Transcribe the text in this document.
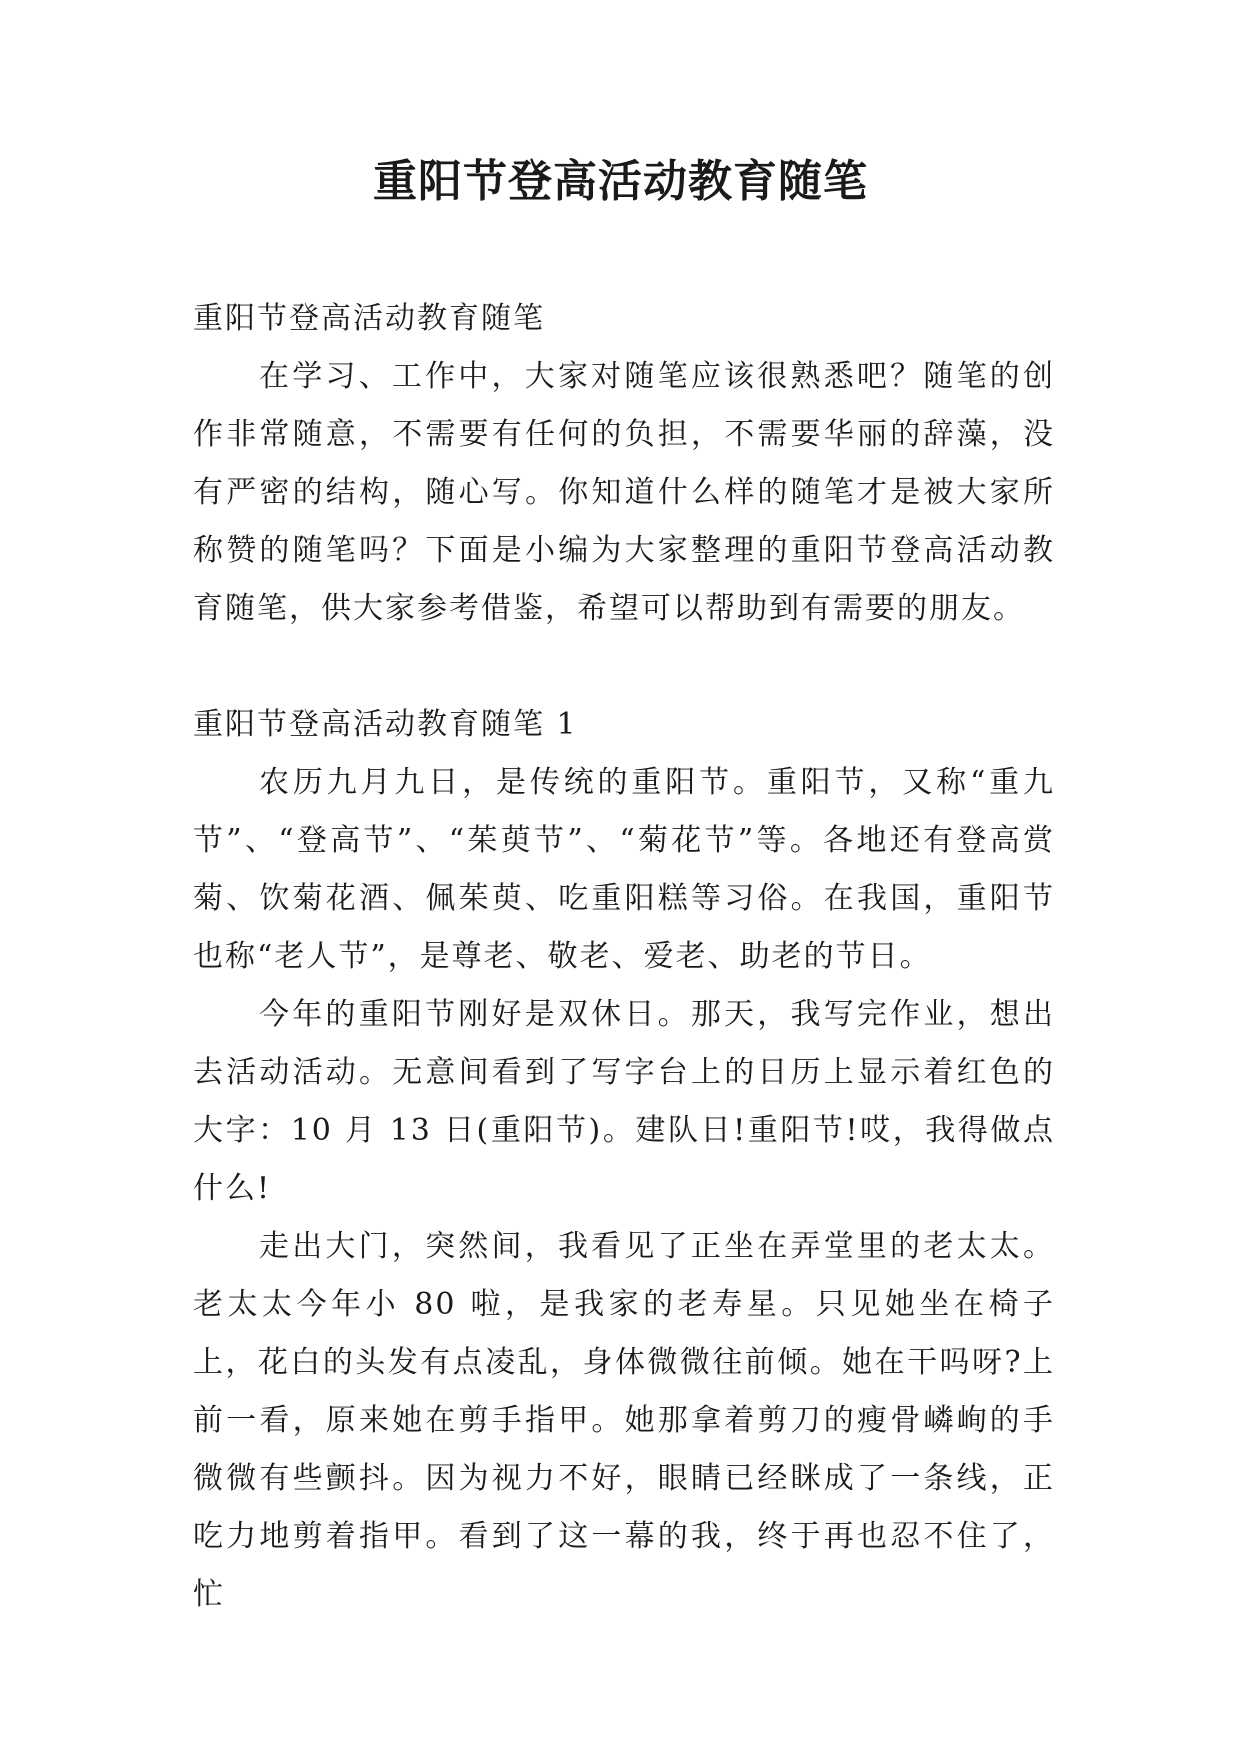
重阳节登高活动教育随笔

重阳节登高活动教育随笔

在学习、工作中，大家对随笔应该很熟悉吧？随笔的创作非常随意，不需要有任何的负担，不需要华丽的辞藻，没有严密的结构，随心写。你知道什么样的随笔才是被大家所称赞的随笔吗？下面是小编为大家整理的重阳节登高活动教育随笔，供大家参考借鉴，希望可以帮助到有需要的朋友。

重阳节登高活动教育随笔 1

农历九月九日，是传统的重阳节。重阳节，又称“重九节”、“登高节”、“茱萸节”、“菊花节”等。各地还有登高赏菊、饮菊花酒、佩茱萸、吃重阳糕等习俗。在我国，重阳节也称“老人节”，是尊老、敬老、爱老、助老的节日。

今年的重阳节刚好是双休日。那天，我写完作业，想出去活动活动。无意间看到了写字台上的日历上显示着红色的大字：10 月 13 日(重阳节)。建队日!重阳节!哎，我得做点什么!

走出大门，突然间，我看见了正坐在弄堂里的老太太。老太太今年小 80 啦，是我家的老寿星。只见她坐在椅子上，花白的头发有点凌乱，身体微微往前倾。她在干吗呀?上前一看，原来她在剪手指甲。她那拿着剪刀的瘦骨嶙峋的手微微有些颤抖。因为视力不好，眼睛已经眯成了一条线，正吃力地剪着指甲。看到了这一幕的我，终于再也忍不住了，忙
